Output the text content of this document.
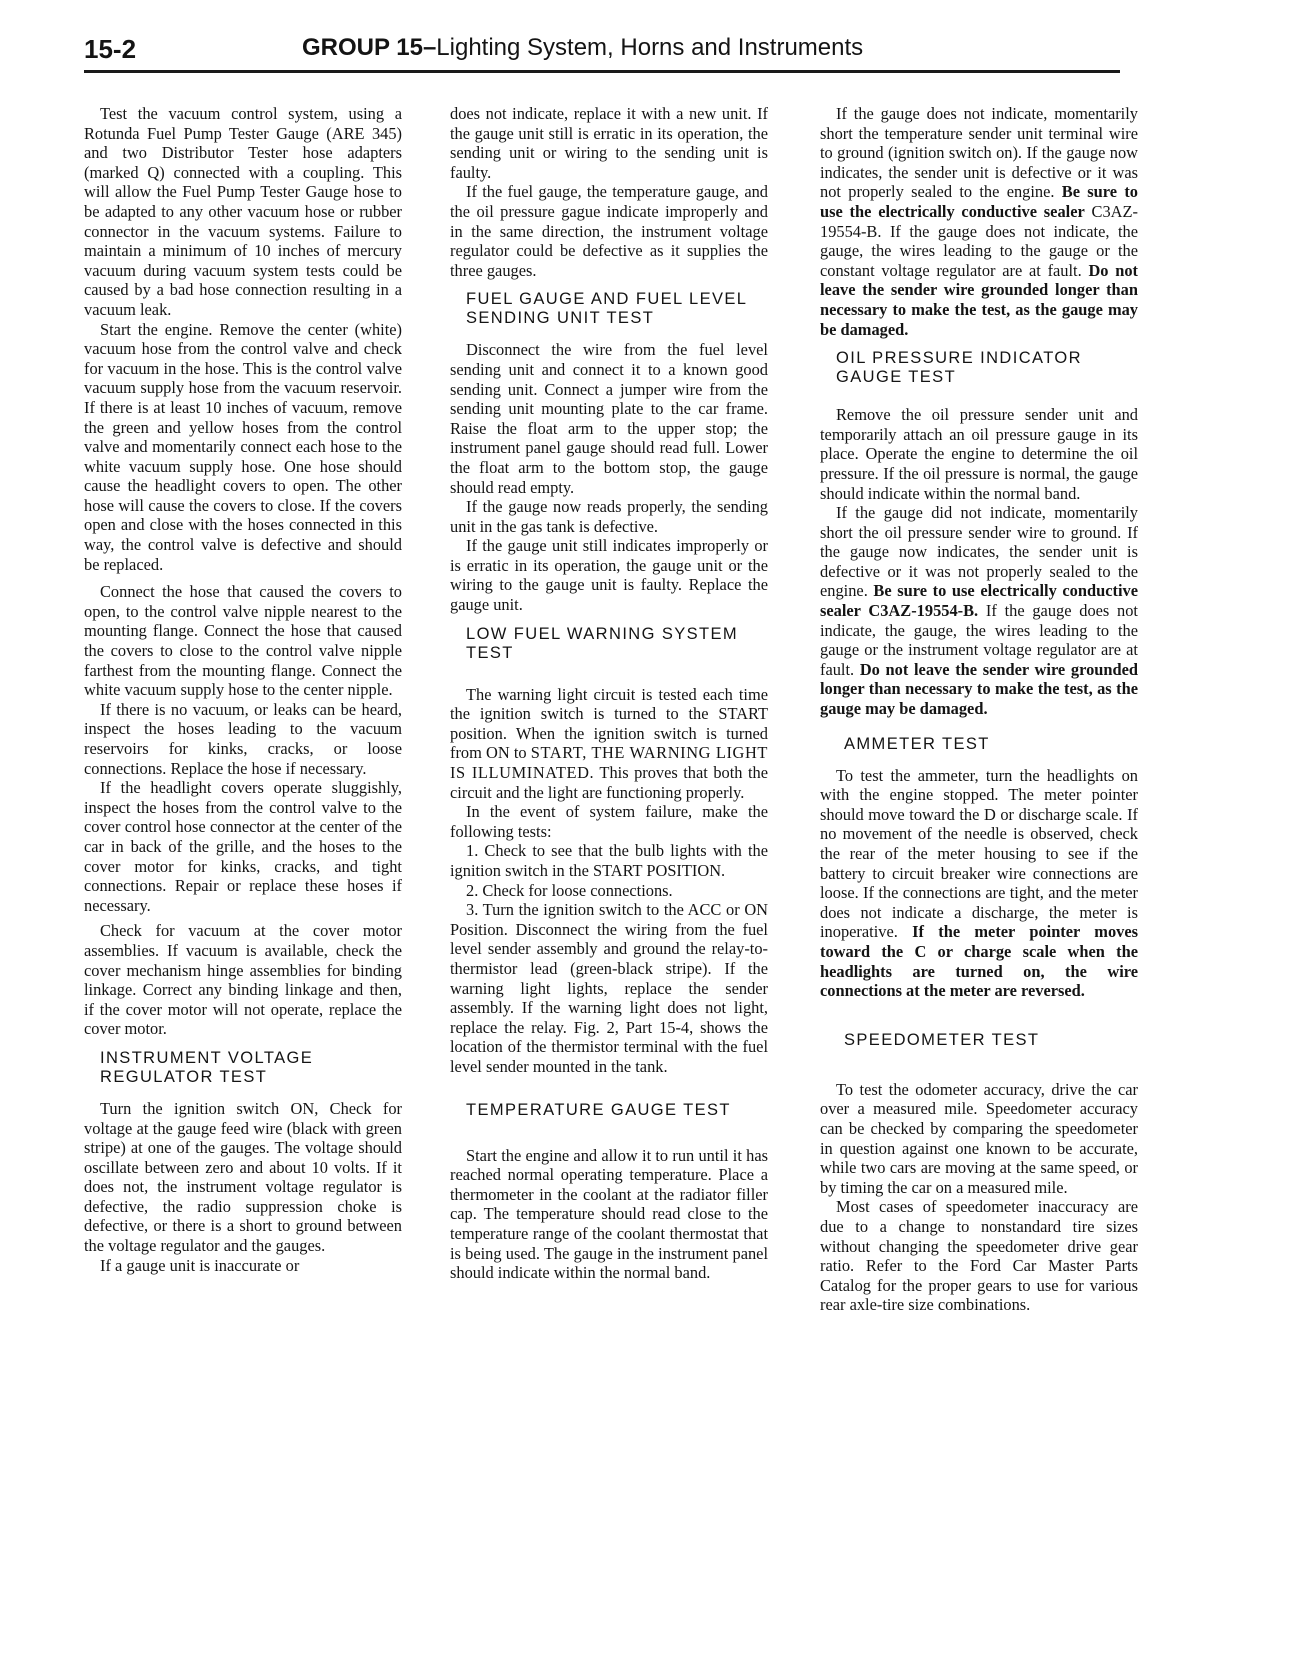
15-2	GROUP 15–Lighting System, Horns and Instruments

Test the vacuum control system, using a Rotunda Fuel Pump Tester Gauge (ARE 345) and two Distributor Tester hose adapters (marked Q) connected with a coupling. This will allow the Fuel Pump Tester Gauge hose to be adapted to any other vacuum hose or rubber connector in the vacuum systems. Failure to maintain a minimum of 10 inches of mercury vacuum during vacuum system tests could be caused by a bad hose connection resulting in a vacuum leak.

Start the engine. Remove the center (white) vacuum hose from the control valve and check for vacuum in the hose. This is the control valve vacuum supply hose from the vacuum reservoir. If there is at least 10 inches of vacuum, remove the green and yellow hoses from the control valve and momentarily connect each hose to the white vacuum supply hose. One hose should cause the headlight covers to open. The other hose will cause the covers to close. If the covers open and close with the hoses connected in this way, the control valve is defective and should be replaced.

Connect the hose that caused the covers to open, to the control valve nipple nearest to the mounting flange. Connect the hose that caused the covers to close to the control valve nipple farthest from the mounting flange. Connect the white vacuum supply hose to the center nipple.

If there is no vacuum, or leaks can be heard, inspect the hoses leading to the vacuum reservoirs for kinks, cracks, or loose connections. Replace the hose if necessary.

If the headlight covers operate sluggishly, inspect the hoses from the control valve to the cover control hose connector at the center of the car in back of the grille, and the hoses to the cover motor for kinks, cracks, and tight connections. Repair or replace these hoses if necessary.

Check for vacuum at the cover motor assemblies. If vacuum is available, check the cover mechanism hinge assemblies for binding linkage. Correct any binding linkage and then, if the cover motor will not operate, replace the cover motor.

INSTRUMENT VOLTAGE REGULATOR TEST

Turn the ignition switch ON, Check for voltage at the gauge feed wire (black with green stripe) at one of the gauges. The voltage should oscillate between zero and about 10 volts. If it does not, the instrument voltage regulator is defective, the radio suppression choke is defective, or there is a short to ground between the voltage regulator and the gauges.

If a gauge unit is inaccurate or

does not indicate, replace it with a new unit. If the gauge unit still is erratic in its operation, the sending unit or wiring to the sending unit is faulty.

If the fuel gauge, the temperature gauge, and the oil pressure gague indicate improperly and in the same direction, the instrument voltage regulator could be defective as it supplies the three gauges.

FUEL GAUGE AND FUEL LEVEL SENDING UNIT TEST

Disconnect the wire from the fuel level sending unit and connect it to a known good sending unit. Connect a jumper wire from the sending unit mounting plate to the car frame. Raise the float arm to the upper stop; the instrument panel gauge should read full. Lower the float arm to the bottom stop, the gauge should read empty.

If the gauge now reads properly, the sending unit in the gas tank is defective.

If the gauge unit still indicates improperly or is erratic in its operation, the gauge unit or the wiring to the gauge unit is faulty. Replace the gauge unit.

LOW FUEL WARNING SYSTEM TEST

The warning light circuit is tested each time the ignition switch is turned to the START position. When the ignition switch is turned from ON to START, THE WARNING LIGHT IS ILLUMINATED. This proves that both the circuit and the light are functioning properly.

In the event of system failure, make the following tests:

1. Check to see that the bulb lights with the ignition switch in the START POSITION.

2. Check for loose connections.

3. Turn the ignition switch to the ACC or ON Position. Disconnect the wiring from the fuel level sender assembly and ground the relay-to-thermistor lead (green-black stripe). If the warning light lights, replace the sender assembly. If the warning light does not light, replace the relay. Fig. 2, Part 15-4, shows the location of the thermistor terminal with the fuel level sender mounted in the tank.

TEMPERATURE GAUGE TEST

Start the engine and allow it to run until it has reached normal operating temperature. Place a thermometer in the coolant at the radiator filler cap. The temperature should read close to the temperature range of the coolant thermostat that is being used. The gauge in the instrument panel should indicate within the normal band.

If the gauge does not indicate, momentarily short the temperature sender unit terminal wire to ground (ignition switch on). If the gauge now indicates, the sender unit is defective or it was not properly sealed to the engine. Be sure to use the electrically conductive sealer C3AZ-19554-B. If the gauge does not indicate, the gauge, the wires leading to the gauge or the constant voltage regulator are at fault. Do not leave the sender wire grounded longer than necessary to make the test, as the gauge may be damaged.

OIL PRESSURE INDICATOR GAUGE TEST

Remove the oil pressure sender unit and temporarily attach an oil pressure gauge in its place. Operate the engine to determine the oil pressure. If the oil pressure is normal, the gauge should indicate within the normal band.

If the gauge did not indicate, momentarily short the oil pressure sender wire to ground. If the gauge now indicates, the sender unit is defective or it was not properly sealed to the engine. Be sure to use electrically conductive sealer C3AZ-19554-B. If the gauge does not indicate, the gauge, the wires leading to the gauge or the instrument voltage regulator are at fault. Do not leave the sender wire grounded longer than necessary to make the test, as the gauge may be damaged.

AMMETER TEST

To test the ammeter, turn the headlights on with the engine stopped. The meter pointer should move toward the D or discharge scale. If no movement of the needle is observed, check the rear of the meter housing to see if the battery to circuit breaker wire connections are loose. If the connections are tight, and the meter does not indicate a discharge, the meter is inoperative. If the meter pointer moves toward the C or charge scale when the headlights are turned on, the wire connections at the meter are reversed.

SPEEDOMETER TEST

To test the odometer accuracy, drive the car over a measured mile. Speedometer accuracy can be checked by comparing the speedometer in question against one known to be accurate, while two cars are moving at the same speed, or by timing the car on a measured mile.

Most cases of speedometer inaccuracy are due to a change to nonstandard tire sizes without changing the speedometer drive gear ratio. Refer to the Ford Car Master Parts Catalog for the proper gears to use for various rear axle-tire size combinations.
